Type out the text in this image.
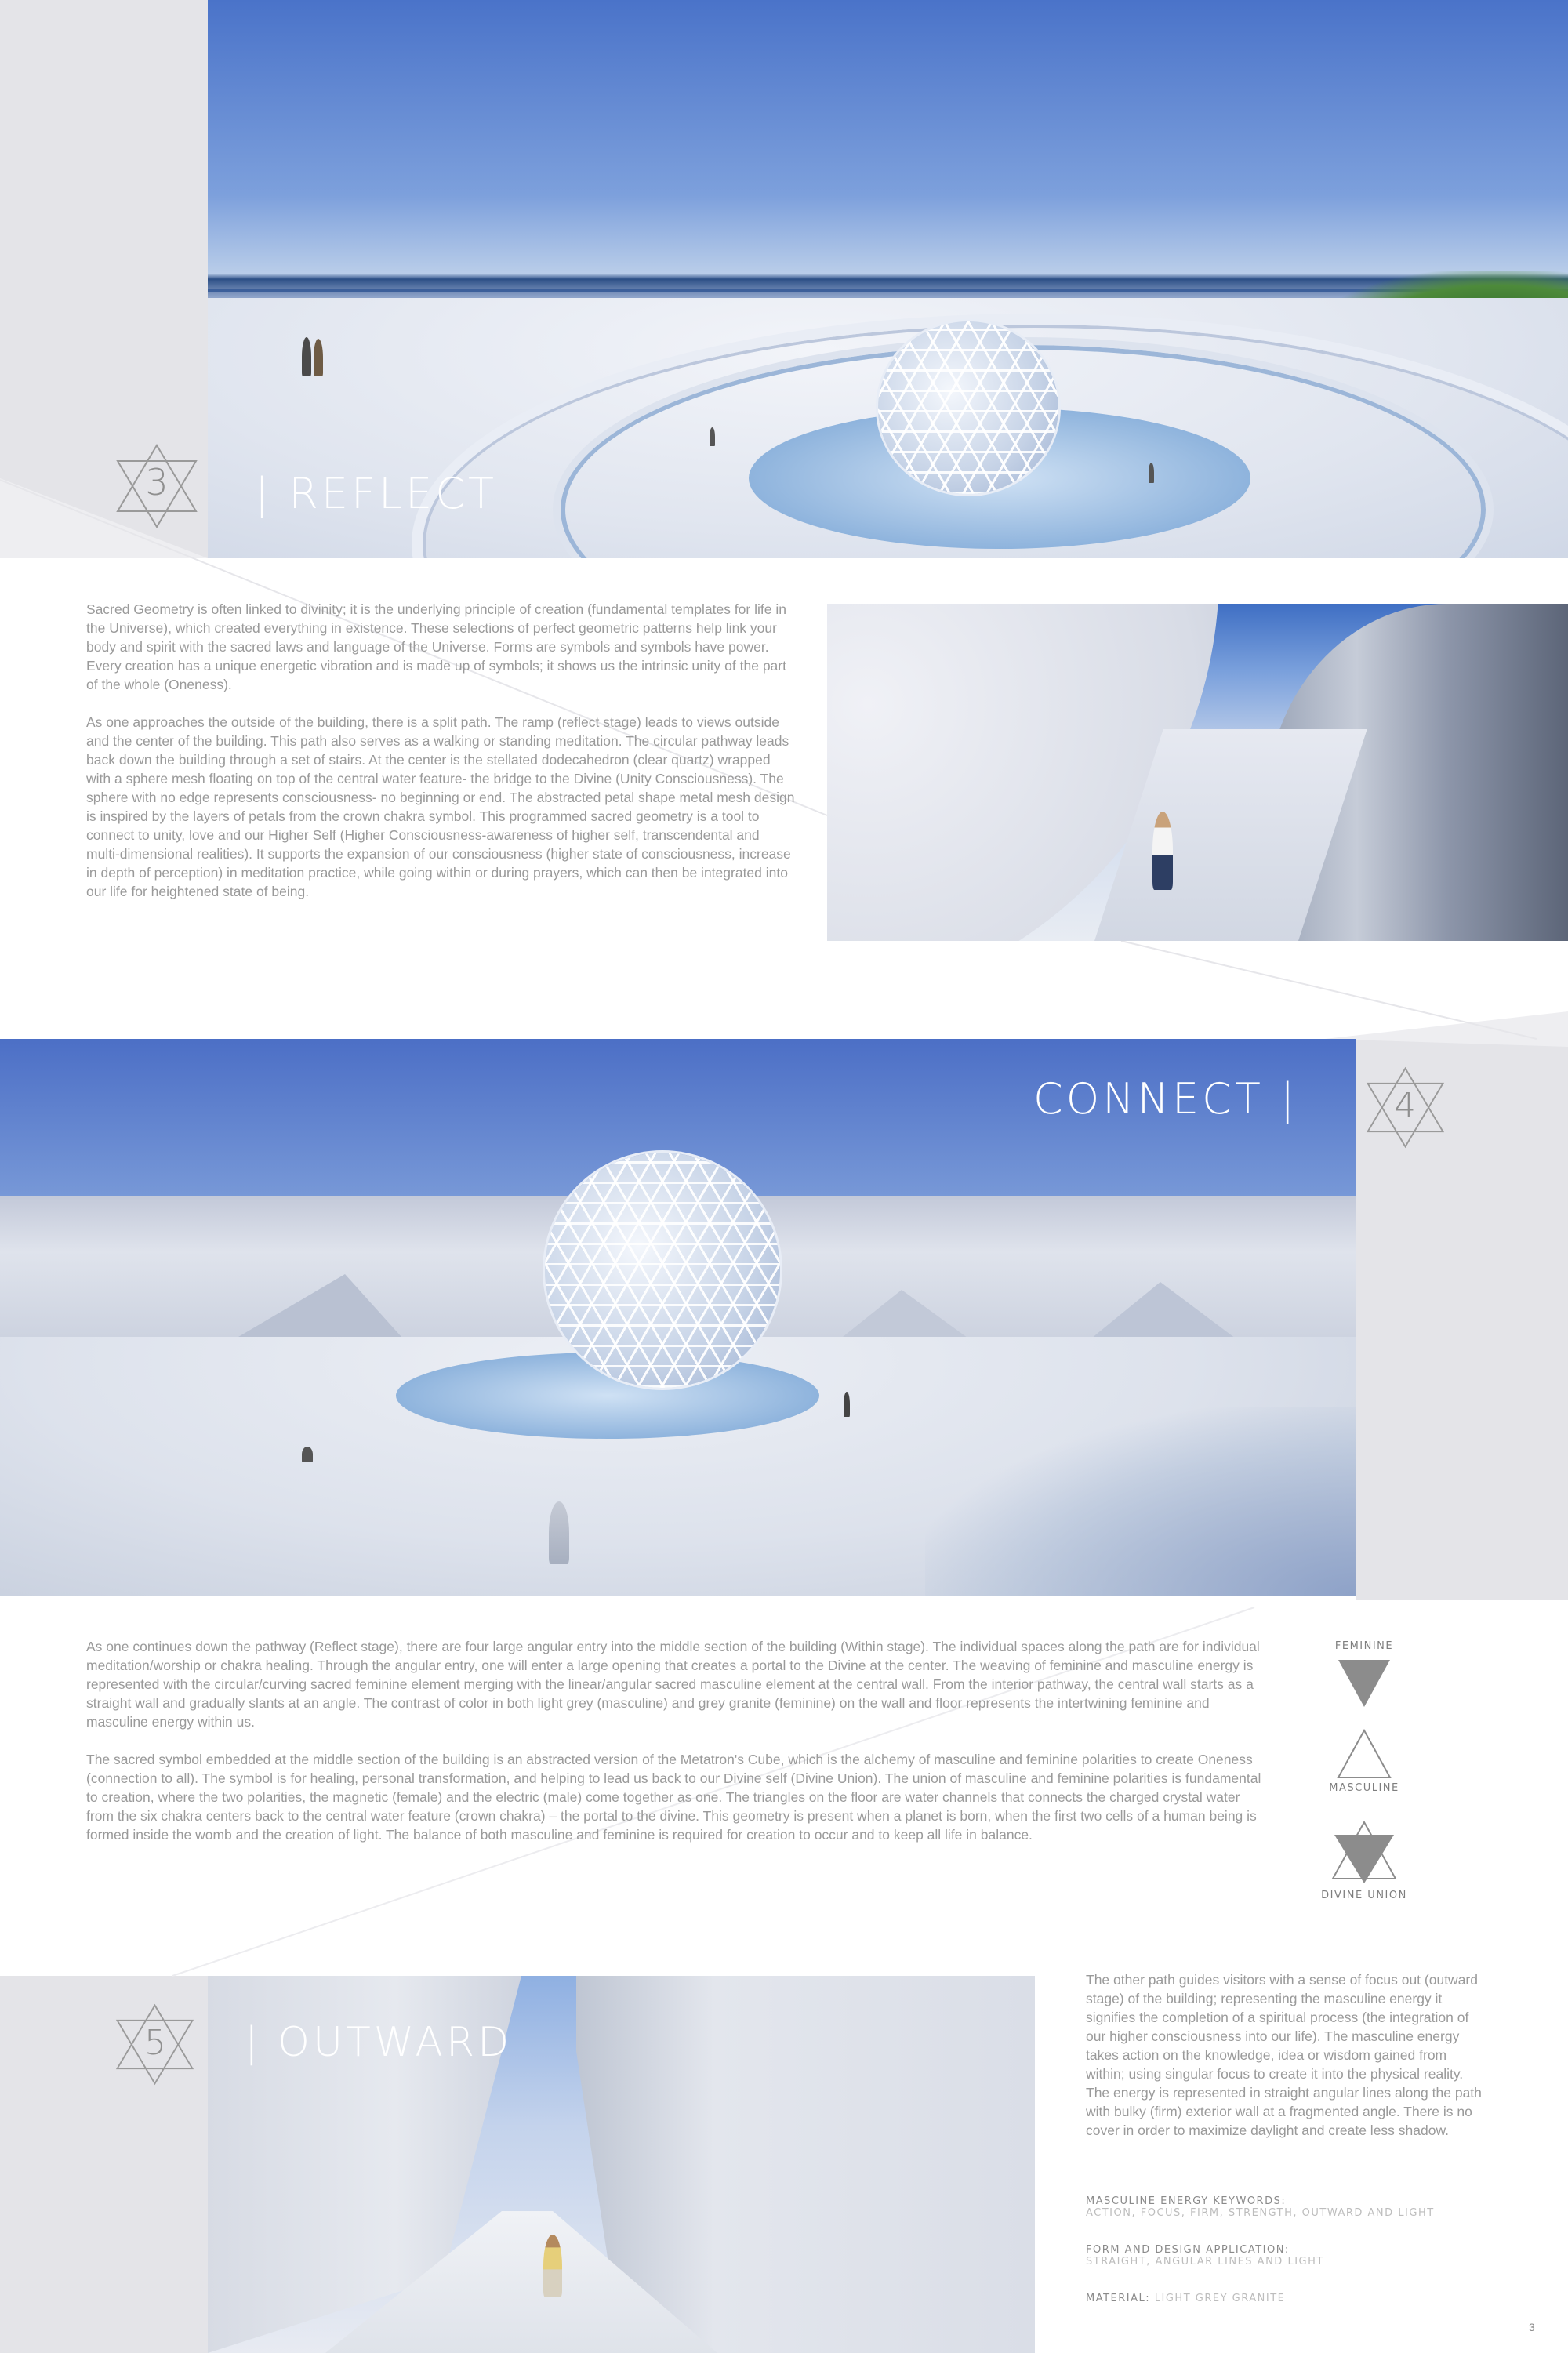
3 | REFLECT

Sacred Geometry is often linked to divinity; it is the underlying principle of creation (fundamental templates for life in the Universe), which created everything in existence. These selections of perfect geometric patterns help link your body and spirit with the sacred laws and language of the Universe. Forms are symbols and symbols have power. Every creation has a unique energetic vibration and is made up of symbols; it shows us the intrinsic unity of the part of the whole (Oneness).

As one approaches the outside of the building, there is a split path. The ramp (reflect stage) leads to views outside and the center of the building. This path also serves as a walking or standing meditation. The circular pathway leads back down the building through a set of stairs. At the center is the stellated dodecahedron (clear quartz) wrapped with a sphere mesh floating on top of the central water feature- the bridge to the Divine (Unity Consciousness). The sphere with no edge represents consciousness- no beginning or end. The abstracted petal shape metal mesh design is inspired by the layers of petals from the crown chakra symbol. This programmed sacred geometry is a tool to connect to unity, love and our Higher Self (Higher Consciousness-awareness of higher self, transcendental and multi-dimensional realities). It supports the expansion of our consciousness (higher state of consciousness, increase in depth of perception) in meditation practice, while going within or during prayers, which can then be integrated into our life for heightened state of being.

CONNECT |	4

As one continues down the pathway (Reflect stage), there are four large angular entry into the middle section of the building (Within stage). The individual spaces along the path are for individual meditation/worship or chakra healing. Through the angular entry, one will enter a large opening that creates a portal to the Divine at the center. The weaving of feminine and masculine energy is represented with the circular/curving sacred feminine element merging with the linear/angular sacred masculine element at the central wall. From the interior pathway, the central wall starts as a straight wall and gradually slants at an angle. The contrast of color in both light grey (masculine) and grey granite (feminine) on the wall and floor represents the intertwining feminine and masculine energy within us.

The sacred symbol embedded at the middle section of the building is an abstracted version of the Metatron's Cube, which is the alchemy of masculine and feminine polarities to create Oneness (connection to all). The symbol is for healing, personal transformation, and helping to lead us back to our Divine self (Divine Union). The union of masculine and feminine polarities is fundamental to creation, where the two polarities, the magnetic (female) and the electric (male) come together as one. The triangles on the floor are water channels that connects the charged crystal water from the six chakra centers back to the central water feature (crown chakra) – the portal to the divine. This geometry is present when a planet is born, when the first two cells of a human being is formed inside the womb and the creation of light. The balance of both masculine and feminine is required for creation to occur and to keep all life in balance.

FEMININE
MASCULINE
DIVINE UNION
5 | OUTWARD
The other path guides visitors with a sense of focus out (outward stage) of the building; representing the masculine energy it signifies the completion of a spiritual process (the integration of our higher consciousness into our life). The masculine energy takes action on the knowledge, idea or wisdom gained from within; using singular focus to create it into the physical reality. The energy is represented in straight angular lines along the path with bulky (firm) exterior wall at a fragmented angle. There is no cover in order to maximize daylight and create less shadow.
MASCULINE ENERGY KEYWORDS:
ACTION, FOCUS, FIRM, STRENGTH, OUTWARD AND LIGHT
FORM AND DESIGN APPLICATION:
STRAIGHT, ANGULAR LINES AND LIGHT
MATERIAL: LIGHT GREY GRANITE
3
